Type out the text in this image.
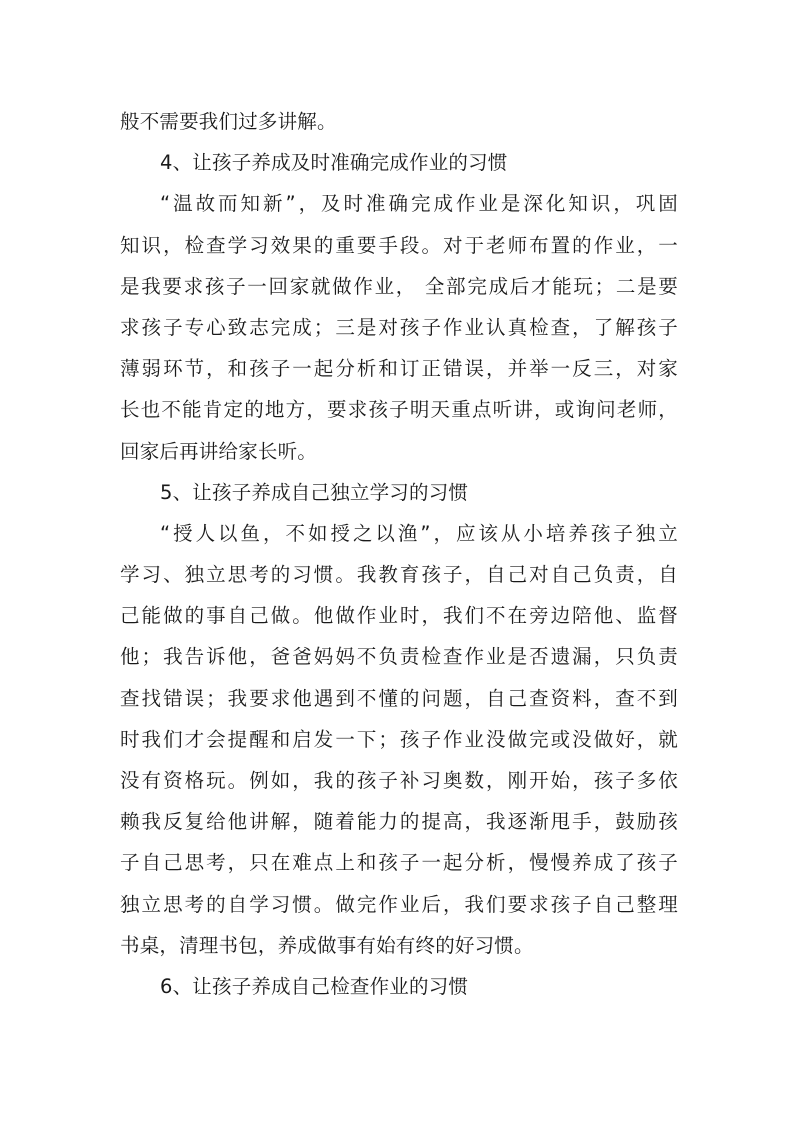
般不需要我们过多讲解。
4、让孩子养成及时准确完成作业的习惯
“温故而知新”，及时准确完成作业是深化知识，巩固
知识，检查学习效果的重要手段。对于老师布置的作业，一
是我要求孩子一回家就做作业， 全部完成后才能玩；二是要
求孩子专心致志完成；三是对孩子作业认真检查，了解孩子
薄弱环节，和孩子一起分析和订正错误，并举一反三，对家
长也不能肯定的地方，要求孩子明天重点听讲，或询问老师，
回家后再讲给家长听。
5、让孩子养成自己独立学习的习惯
“授人以鱼，不如授之以渔”，应该从小培养孩子独立
学习、独立思考的习惯。我教育孩子，自己对自己负责，自
己能做的事自己做。他做作业时，我们不在旁边陪他、监督
他；我告诉他，爸爸妈妈不负责检查作业是否遗漏，只负责
查找错误；我要求他遇到不懂的问题，自己查资料，查不到
时我们才会提醒和启发一下；孩子作业没做完或没做好，就
没有资格玩。例如，我的孩子补习奥数，刚开始，孩子多依
赖我反复给他讲解，随着能力的提高，我逐渐甩手，鼓励孩
子自己思考，只在难点上和孩子一起分析，慢慢养成了孩子
独立思考的自学习惯。做完作业后，我们要求孩子自己整理
书桌，清理书包，养成做事有始有终的好习惯。
6、让孩子养成自己检查作业的习惯
